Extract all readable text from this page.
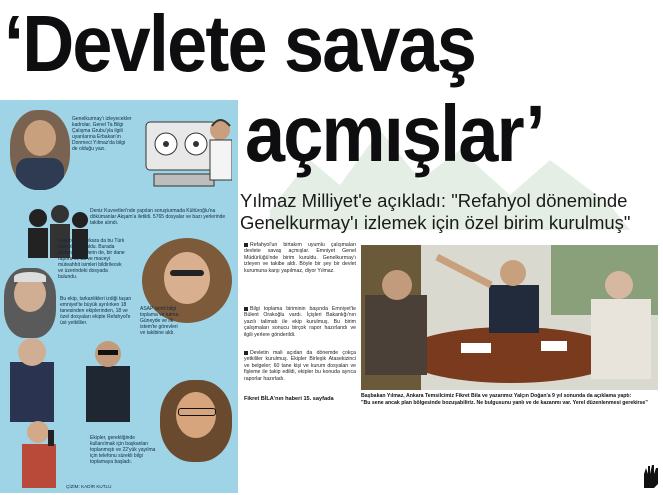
‘Devlete savaş
açmışlar’
Yılmaz Milliyet'e açıkladı: "Refahyol döneminde
Genelkurmay'ı izlemek için özel birim kurulmuş"
Genelkurmay'ı izleyecekler kadrolar. Genel Ta Bilgi Çalışma Grubu'yla ilgili uyarılarına Erbakan'ın Donmeci Yılmaz'da bilgi de olduğu yazı.
Deniz Kuvvetleri'nde yapılan soruşturmada Kültüroğlu'na dökümanlar Akşam'a iletildi. 5765 dosyalar ve bazı yerlerinde takibe alındı.
Istanbul ve Ankara da bu Türk özel ekip kuruldu. Burada toplanan bilgilerin de, bir dane raporu ve bu ve maceyi müteahhit isimleri bildirilecek ve üzerindeki dosyada bulundu.
Bu ekip, tarkanlikleri izdiği taşan emniyet'te büyük ayrılırken 18 tanesinden ekiplerinden, 18 ve özel dosyaları ekipte Refahyol'e üst yetkililer.
ASAP isimli bilgi toplama ve tutma. Güneyde ve ilk istem'te görevleri ve takibine aldı.
Ekipler, gerektiğinde kullanılmak için başkanları toplanmıştı ve 22'yük yayılma için telefonu sürekli bilgi toplamaya başladı.
ÇİZİM: KADİR KUTLU
Refahyol'un birtakım uyumlu çalışmaları devlete savaş açmışlar. Emniyet Genel Müdürlüğü'nde birim kuruldu. Genelkurmay'ı izleyen ve takibe aldı. Böyle bir şey bir devlet kurumuna karşı yapılmaz, diyor Yılmaz.
Bilgi toplama biriminin başında Emniyet'te Bülent Orakoğlu vardı. İçişleri Bakanlığı'nın yazılı talimatı ile ekip kurulmuş. Bu birim çalışmaları sonucu birçok rapor hazırlandı ve ilgili yerlere gönderildi.
Devletin mali açıdan da dönemde çokça yetkililer kurulmuş. Ekipler Birleşik Atasekizinci ve belgeler; 60 tane kişi ve kurum dosyaları ve fişleme ile takip edildi, ekipler bu konuda ayrıca raporlar hazırladı.
Fikret BİLA'nın haberi 15. sayfada	Başbakan Yılmaz, Ankara Temsilcimiz Fikret Bila ve yazarımız Yalçın Doğan'a 9 yıl sonunda da açıklama yaptı:
"Bu sene ancak plan bölgesinde bozuşabiliriz. Ne bulgusunu yanlı ve de kazanmı var. Yerel düzenlenmesi gerekirse"
